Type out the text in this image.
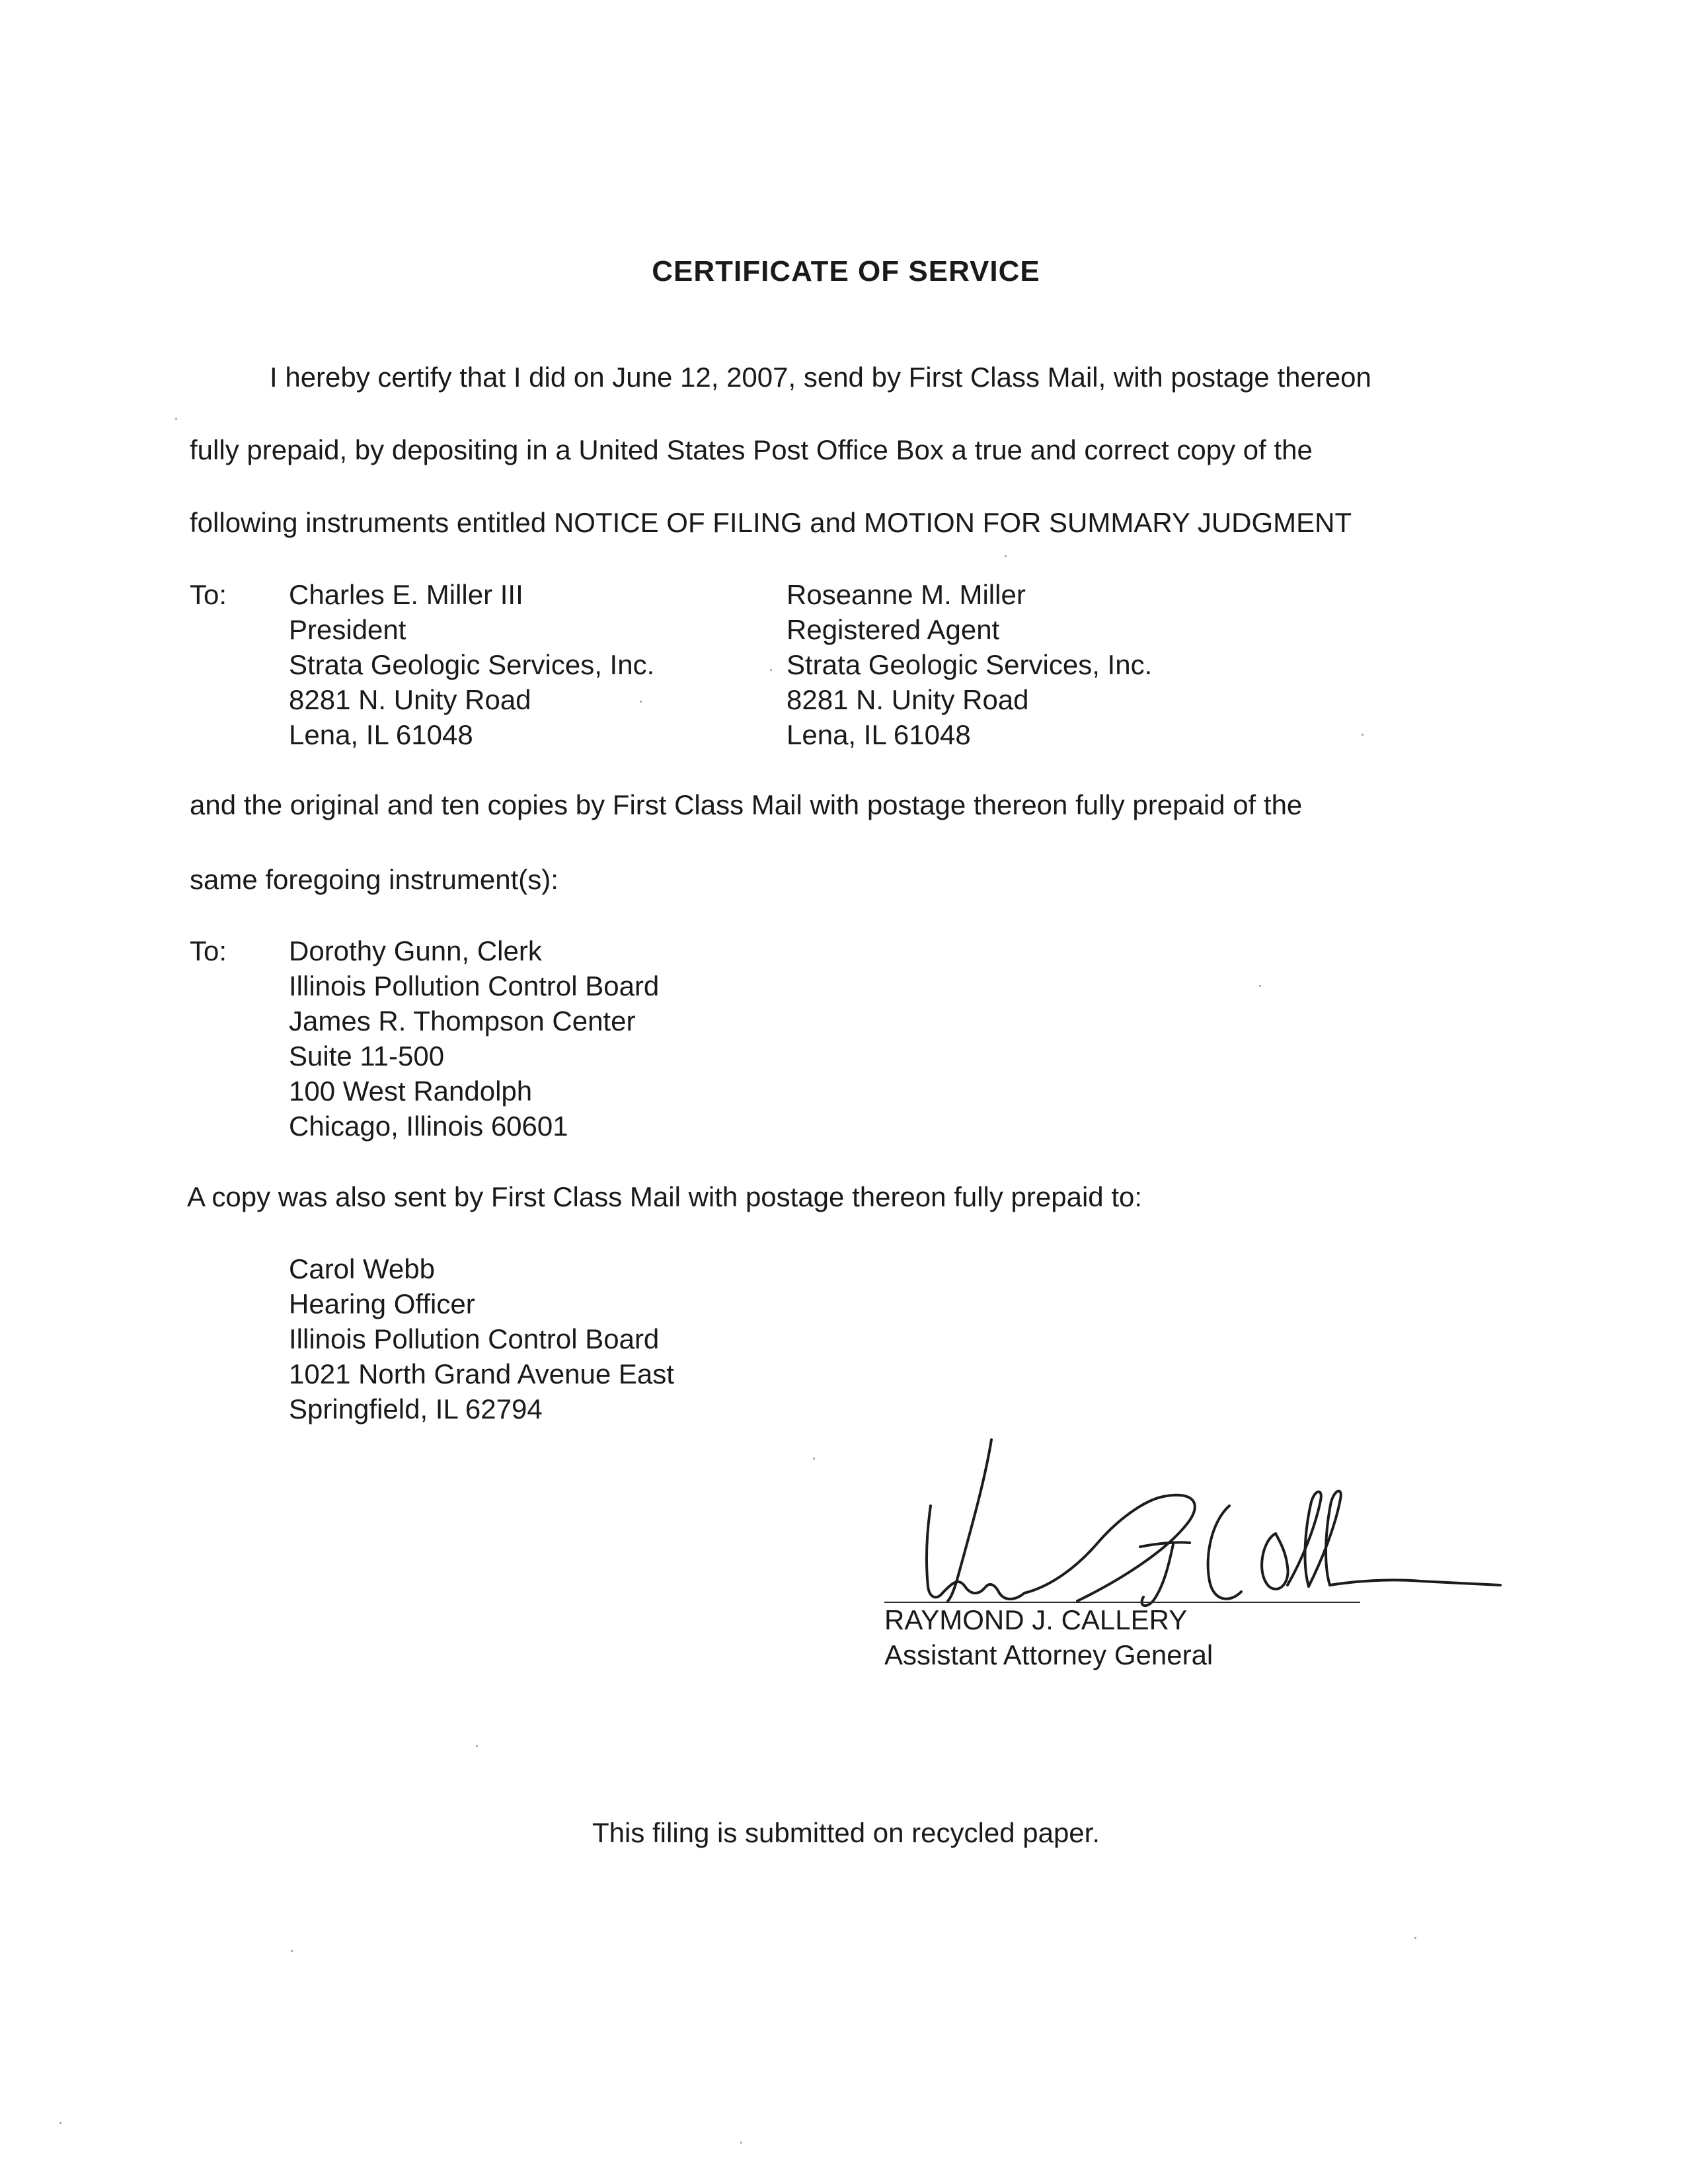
CERTIFICATE OF SERVICE
I hereby certify that I did on June 12, 2007, send by First Class Mail, with postage thereon
fully prepaid, by depositing in a United States Post Office Box a true and correct copy of the
following instruments entitled NOTICE OF FILING and MOTION FOR SUMMARY JUDGMENT
To: Charles E. Miller III
President
Strata Geologic Services, Inc.
8281 N. Unity Road
Lena, IL 61048
Roseanne M. Miller
Registered Agent
Strata Geologic Services, Inc.
8281 N. Unity Road
Lena, IL 61048
and the original and ten copies by First Class Mail with postage thereon fully prepaid of the
same foregoing instrument(s):
To: Dorothy Gunn, Clerk
Illinois Pollution Control Board
James R. Thompson Center
Suite 11-500
100 West Randolph
Chicago, Illinois 60601
A copy was also sent by First Class Mail with postage thereon fully prepaid to:
Carol Webb
Hearing Officer
Illinois Pollution Control Board
1021 North Grand Avenue East
Springfield, IL 62794
RAYMOND J. CALLERY
Assistant Attorney General
This filing is submitted on recycled paper.
